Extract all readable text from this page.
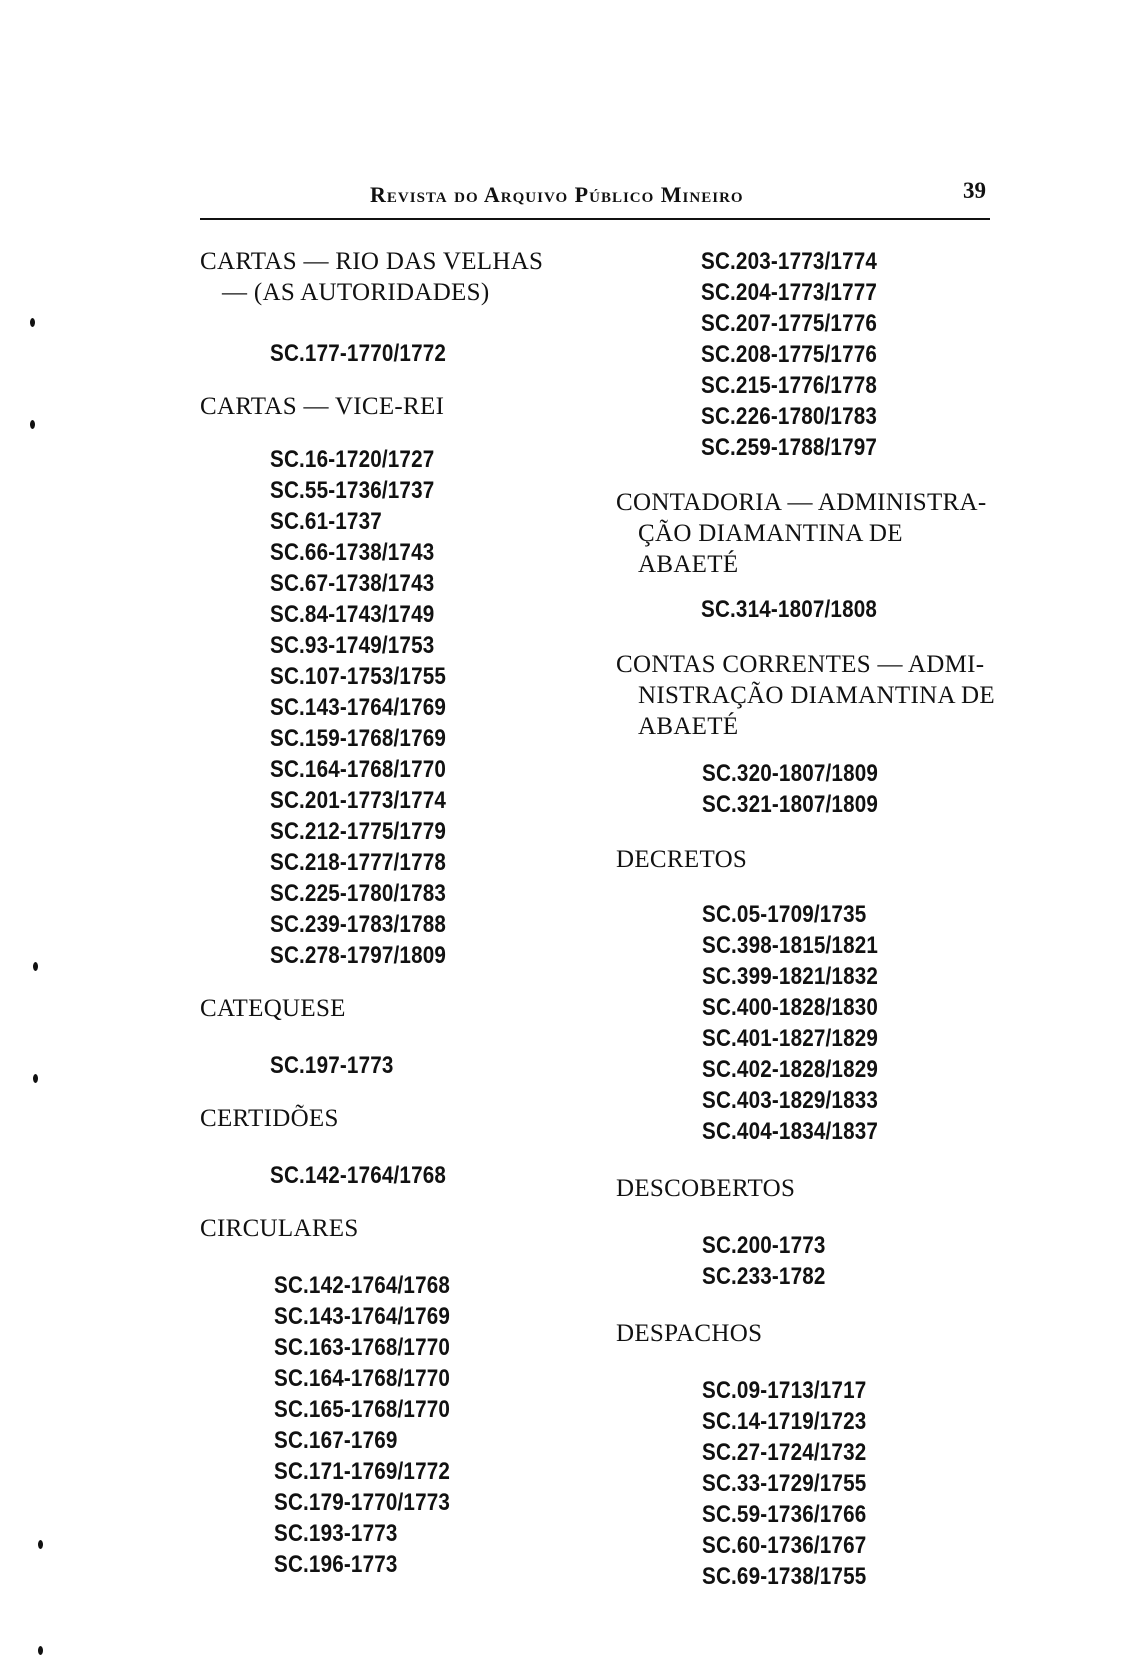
Revista do Arquivo Público Mineiro	39
CARTAS — RIO DAS VELHAS
— (AS AUTORIDADES)
SC.177-1770/1772
CARTAS — VICE-REI
SC.16-1720/1727
SC.55-1736/1737
SC.61-1737
SC.66-1738/1743
SC.67-1738/1743
SC.84-1743/1749
SC.93-1749/1753
SC.107-1753/1755
SC.143-1764/1769
SC.159-1768/1769
SC.164-1768/1770
SC.201-1773/1774
SC.212-1775/1779
SC.218-1777/1778
SC.225-1780/1783
SC.239-1783/1788
SC.278-1797/1809
CATEQUESE
SC.197-1773
CERTIDÕES
SC.142-1764/1768
CIRCULARES
SC.142-1764/1768
SC.143-1764/1769
SC.163-1768/1770
SC.164-1768/1770
SC.165-1768/1770
SC.167-1769
SC.171-1769/1772
SC.179-1770/1773
SC.193-1773
SC.196-1773
SC.203-1773/1774
SC.204-1773/1777
SC.207-1775/1776
SC.208-1775/1776
SC.215-1776/1778
SC.226-1780/1783
SC.259-1788/1797
CONTADORIA — ADMINISTRA-
ÇÃO DIAMANTINA DE
ABAETÉ
SC.314-1807/1808
CONTAS CORRENTES — ADMI-
NISTRAÇÃO DIAMANTINA DE
ABAETÉ
SC.320-1807/1809
SC.321-1807/1809
DECRETOS
SC.05-1709/1735
SC.398-1815/1821
SC.399-1821/1832
SC.400-1828/1830
SC.401-1827/1829
SC.402-1828/1829
SC.403-1829/1833
SC.404-1834/1837
DESCOBERTOS
SC.200-1773
SC.233-1782
DESPACHOS
SC.09-1713/1717
SC.14-1719/1723
SC.27-1724/1732
SC.33-1729/1755
SC.59-1736/1766
SC.60-1736/1767
SC.69-1738/1755
